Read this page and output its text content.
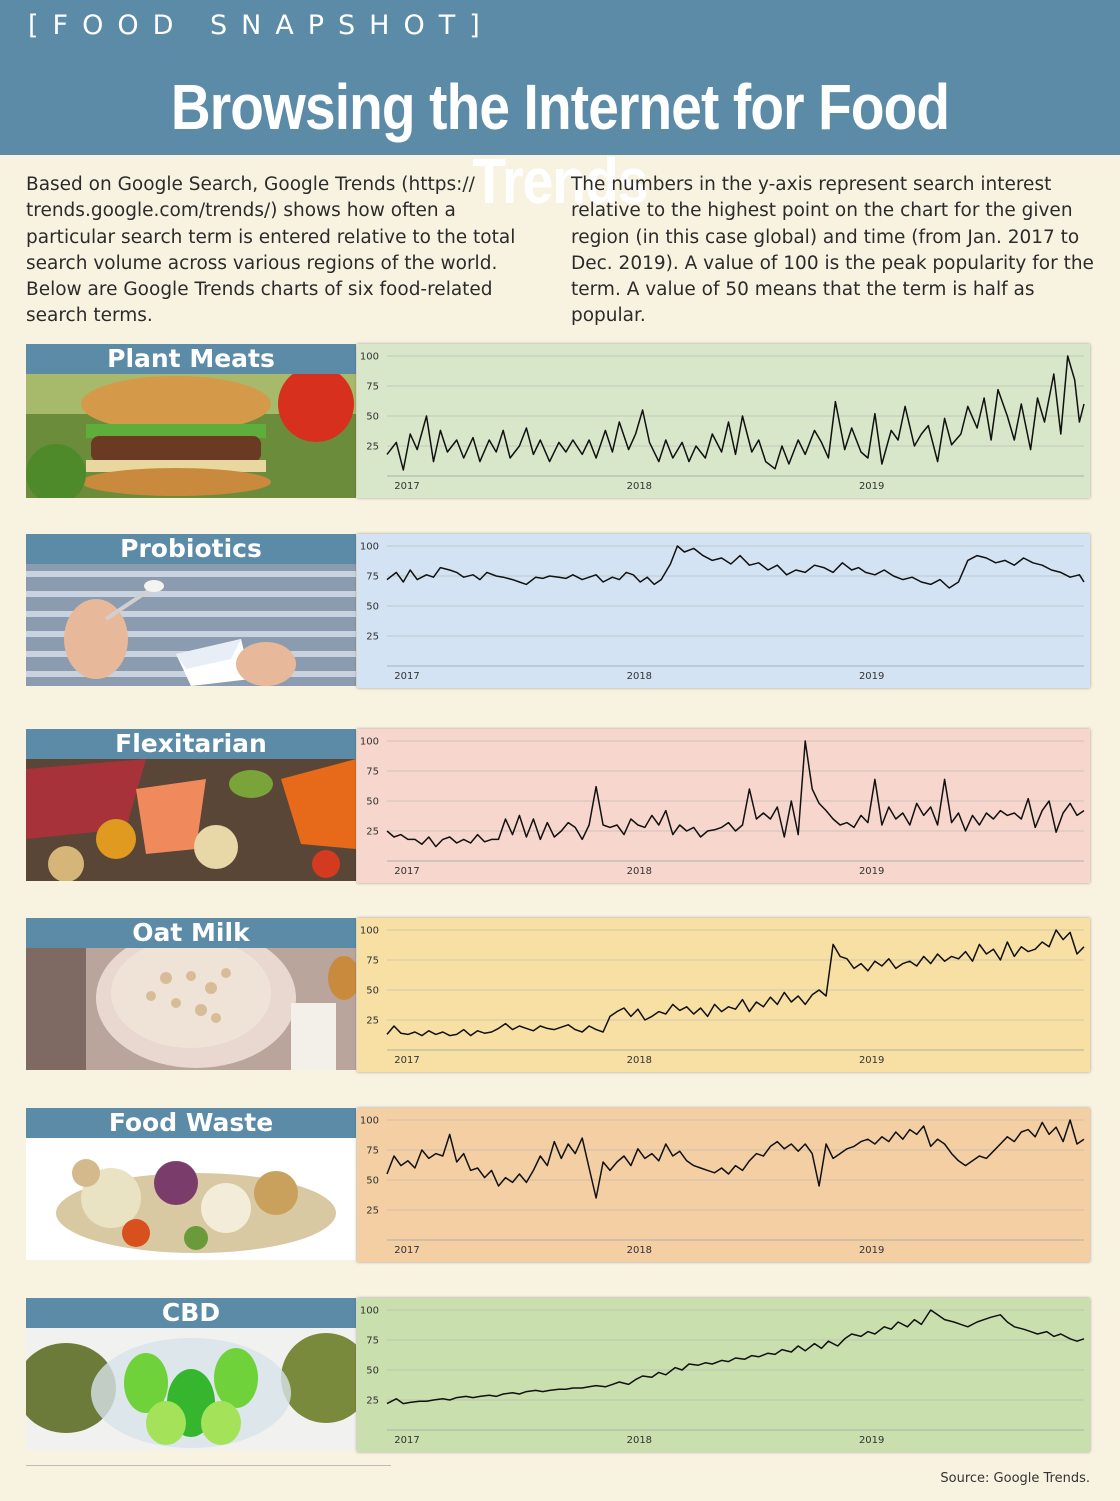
[FOOD SNAPSHOT]
Browsing the Internet for Food Trends
Based on Google Search, Google Trends (https:// trends.google.com/trends/) shows how often a particular search term is entered relative to the total search volume across various regions of the world. Below are Google Trends charts of six food-related search terms.
The numbers in the y-axis represent search interest relative to the highest point on the chart for the given region (in this case global) and time (from Jan. 2017 to Dec. 2019). A value of 100 is the peak popularity for the term. A value of 50 means that the term is half as popular.
Plant Meats
25
50
75
100
2017	2018	2019
Probiotics
25
50
75
100
2017	2018	2019
Flexitarian
25
50
75
100
2017	2018	2019
Oat Milk
25
50
75
100
2017	2018	2019
Food Waste
25
50
75
100
2017	2018	2019
CBD
25
50
75
100
2017	2018	2019
Source: Google Trends.
